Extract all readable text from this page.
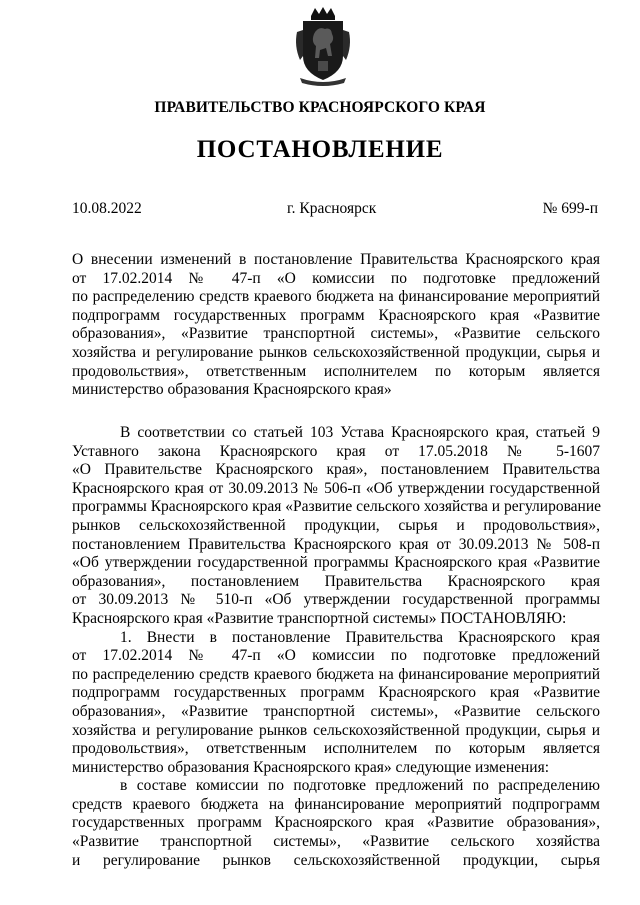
ПРАВИТЕЛЬСТВО КРАСНОЯРСКОГО КРАЯ
ПОСТАНОВЛЕНИЕ
10.08.2022	г. Красноярск	№ 699-п
О внесении изменений в постановление Правительства Красноярского края
от 17.02.2014 № 47-п «О комиссии по подготовке предложений
по распределению средств краевого бюджета на финансирование мероприятий
подпрограмм государственных программ Красноярского края «Развитие
образования», «Развитие транспортной системы», «Развитие сельского
хозяйства и регулирование рынков сельскохозяйственной продукции, сырья и
продовольствия», ответственным исполнителем по которым является
министерство образования Красноярского края»
В соответствии со статьей 103 Устава Красноярского края, статьей 9
Уставного закона Красноярского края от 17.05.2018 № 5-1607
«О Правительстве Красноярского края», постановлением Правительства
Красноярского края от 30.09.2013 № 506-п «Об утверждении государственной
программы Красноярского края «Развитие сельского хозяйства и регулирование
рынков сельскохозяйственной продукции, сырья и продовольствия»,
постановлением Правительства Красноярского края от 30.09.2013 № 508-п
«Об утверждении государственной программы Красноярского края «Развитие
образования», постановлением Правительства Красноярского края
от 30.09.2013 № 510-п «Об утверждении государственной программы
Красноярского края «Развитие транспортной системы» ПОСТАНОВЛЯЮ:
1. Внести в постановление Правительства Красноярского края
от 17.02.2014 № 47-п «О комиссии по подготовке предложений
по распределению средств краевого бюджета на финансирование мероприятий
подпрограмм государственных программ Красноярского края «Развитие
образования», «Развитие транспортной системы», «Развитие сельского
хозяйства и регулирование рынков сельскохозяйственной продукции, сырья и
продовольствия», ответственным исполнителем по которым является
министерство образования Красноярского края» следующие изменения:
в составе комиссии по подготовке предложений по распределению
средств краевого бюджета на финансирование мероприятий подпрограмм
государственных программ Красноярского края «Развитие образования»,
«Развитие транспортной системы», «Развитие сельского хозяйства
и регулирование рынков сельскохозяйственной продукции, сырья
